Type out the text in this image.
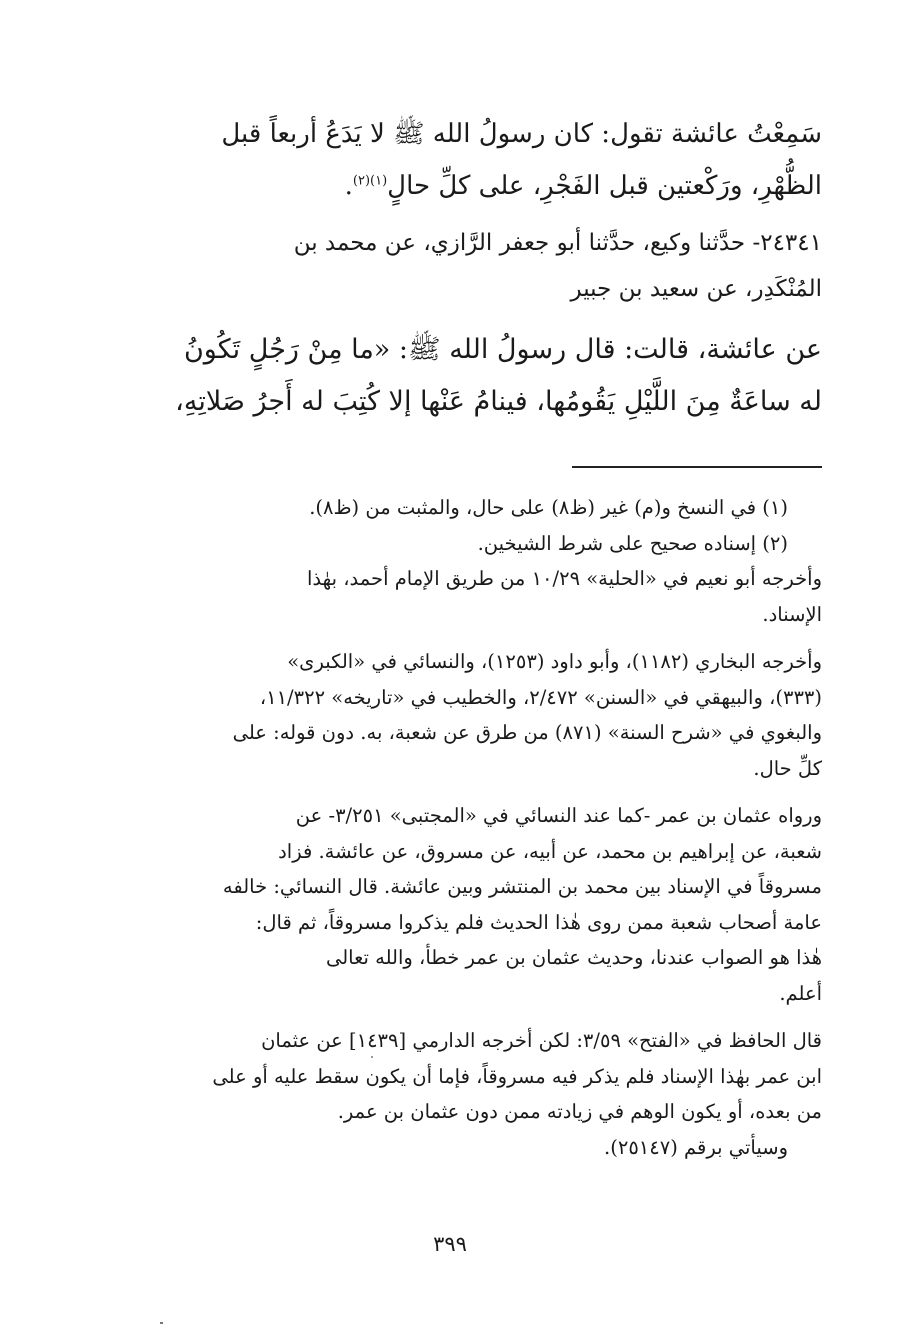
سَمِعْتُ عائشة تقول: كان رسولُ الله ﷺ لا يَدَعُ أربعاً قبل
الظُّهْرِ، ورَكْعتين قبل الفَجْرِ، على كلِّ حالٍ$^{(١)(٢)}$.

٢٤٣٤١- حدَّثنا وكيع، حدَّثنا أبو جعفر الرَّازي، عن محمد بن
المُنْكَدِر، عن سعيد بن جبير

عن عائشة، قالت: قال رسولُ الله ﷺ: «ما مِنْ رَجُلٍ تَكُونُ
له ساعَةٌ مِنَ اللَّيْلِ يَقُومُها، فينامُ عَنْها إلا كُتِبَ له أَجرُ صَلاتِهِ،

(١) في النسخ و(م) غير (ظ٨) على حال، والمثبت من (ظ٨).

(٢) إسناده صحيح على شرط الشيخين.

وأخرجه أبو نعيم في «الحلية» ١٠/٢٩ من طريق الإمام أحمد، بهٰذا
الإسناد.

وأخرجه البخاري (١١٨٢)، وأبو داود (١٢٥٣)، والنسائي في «الكبرى»
(٣٣٣)، والبيهقي في «السنن» ٢/٤٧٢، والخطيب في «تاريخه» ١١/٣٢٢،
والبغوي في «شرح السنة» (٨٧١) من طرق عن شعبة، به. دون قوله: على
كلِّ حال.

ورواه عثمان بن عمر -كما عند النسائي في «المجتبى» ٣/٢٥١- عن
شعبة، عن إبراهيم بن محمد، عن أبيه، عن مسروق، عن عائشة. فزاد
مسروقاً في الإسناد بين محمد بن المنتشر وبين عائشة. قال النسائي: خالفه
عامة أصحاب شعبة ممن روى هٰذا الحديث فلم يذكروا مسروقاً، ثم قال:
هٰذا هو الصواب عندنا، وحديث عثمان بن عمر خطأ، والله تعالى
أعلم.

قال الحافظ في «الفتح» ٣/٥٩: لكن أخرجه الدارمي [١٤٣٩] عن عثمان
ابن عمر بهٰذا الإسناد فلم يذكر فيه مسروقاً، فإما أن يكون سقط عليه أو على
من بعده، أو يكون الوهم في زيادته ممن دون عثمان بن عمر.

وسيأتي برقم (٢٥١٤٧).

٣٩٩
